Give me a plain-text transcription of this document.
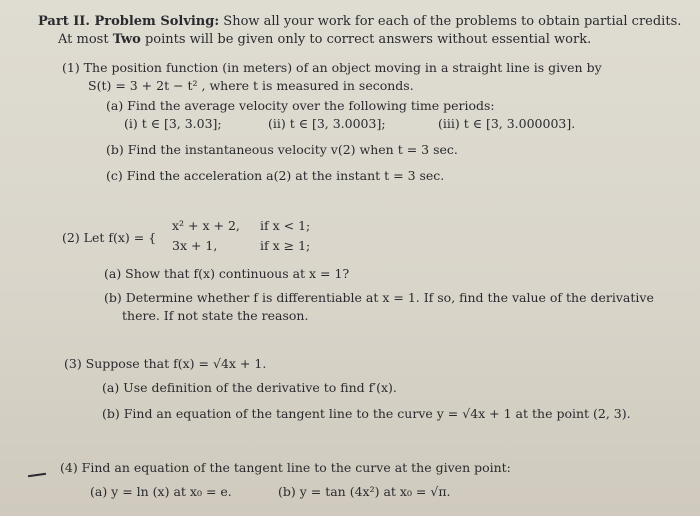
Part II. Problem Solving: Show all your work for each of the problems to obtain partial credits.
At most Two points will be given only to correct answers without essential work.
(1) The position function (in meters) of an object moving in a straight line is given by
S(t) = 3 + 2t − t² , where t is measured in seconds.
(a) Find the average velocity over the following time periods:
(i) t ∈ [3, 3.03];	(ii) t ∈ [3, 3.0003];	(iii) t ∈ [3, 3.000003].
(b) Find the instantaneous velocity v(2) when t = 3 sec.
(c) Find the acceleration a(2) at the instant t = 3 sec.
(2) Let f(x) = {
x² + x + 2, if x < 1;
3x + 1,	if x ≥ 1;
(a) Show that f(x) continuous at x = 1?
(b) Determine whether f is differentiable at x = 1. If so, find the value of the derivative
there. If not state the reason.
(3) Suppose that f(x) = √4x + 1.
(a) Use definition of the derivative to find f′(x).
(b) Find an equation of the tangent line to the curve y = √4x + 1 at the point (2, 3).
(4) Find an equation of the tangent line to the curve at the given point:
(a) y = ln (x) at x₀ = e.	(b) y = tan (4x²) at x₀ = √π.
